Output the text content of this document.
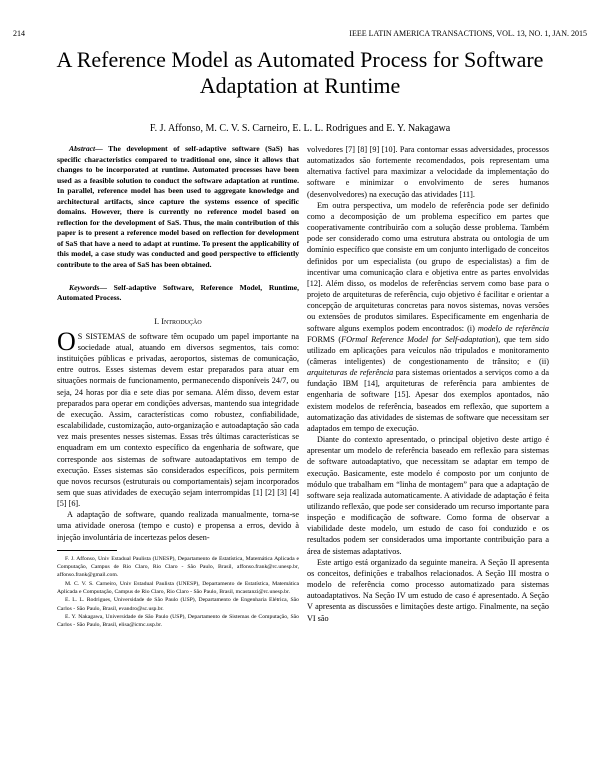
214	IEEE LATIN AMERICA TRANSACTIONS, VOL. 13, NO. 1, JAN. 2015
A Reference Model as Automated Process for Software Adaptation at Runtime
F. J. Affonso, M. C. V. S. Carneiro, E. L. L. Rodrigues and E. Y. Nakagawa

Abstract— The development of self-adaptive software (SaS) has specific characteristics compared to traditional one, since it allows that changes to be incorporated at runtime. Automated processes have been used as a feasible solution to conduct the software adaptation at runtime. In parallel, reference model has been used to aggregate knowledge and architectural artifacts, since capture the systems essence of specific domains. However, there is currently no reference model based on reflection for the development of SaS. Thus, the main contribution of this paper is to present a reference model based on reflection for development of SaS that have a need to adapt at runtime. To present the applicability of this model, a case study was conducted and good perspective to efficiently contribute to the area of SaS has been obtained.

Keywords— Self-adaptive Software, Reference Model, Runtime, Automated Process.

I. Introdução

O S SISTEMAS de software têm ocupado um papel importante na sociedade atual, atuando em diversos segmentos, tais como: instituições públicas e privadas, aeroportos, sistemas de comunicação, entre outros. Esses sistemas devem estar preparados para atuar em situações normais de funcionamento, permanecendo disponíveis 24/7, ou seja, 24 horas por dia e sete dias por semana. Além disso, devem estar preparados para operar em condições adversas, mantendo sua integridade de execução. Assim, características como robustez, confiabilidade, escalabilidade, customização, auto-organização e autoadaptação são cada vez mais presentes nesses sistemas. Essas três últimas características se enquadram em um contexto específico da engenharia de software, que corresponde aos sistemas de software autoadaptativos em tempo de execução. Esses sistemas são considerados específicos, pois permitem que novos recursos (estruturais ou comportamentais) sejam incorporados sem que suas atividades de execução sejam interrompidas [1] [2] [3] [4] [5] [6].

A adaptação de software, quando realizada manualmente, torna-se uma atividade onerosa (tempo e custo) e propensa a erros, devido à injeção involuntária de incertezas pelos desen-

F. J. Affonso, Univ Estadual Paulista (UNESP), Departamento de Estatística, Matemática Aplicada e Computação, Campus de Rio Claro, Rio Claro - São Paulo, Brasil, affonso.frank@rc.unesp.br, affonso.frank@gmail.com.

M. C. V. S. Carneiro, Univ Estadual Paulista (UNESP), Departamento de Estatística, Matemática Aplicada e Computação, Campus de Rio Claro, Rio Claro - São Paulo, Brasil, mcastanzi@rc.unesp.br.

E. L. L. Rodrigues, Universidade de São Paulo (USP), Departamento de Engenharia Elétrica, São Carlos - São Paulo, Brasil, evandro@sc.usp.br.

E. Y. Nakagawa, Universidade de São Paulo (USP), Departamento de Sistemas de Computação, São Carlos - São Paulo, Brasil, elisa@icmc.usp.br.

volvedores [7] [8] [9] [10]. Para contornar essas adversidades, processos automatizados são fortemente recomendados, pois representam uma alternativa factível para maximizar a velocidade da implementação do software e minimizar o envolvimento de seres humanos (desenvolvedores) na execução das atividades [11].

Em outra perspectiva, um modelo de referência pode ser definido como a decomposição de um problema específico em partes que cooperativamente contribuirão com a solução desse problema. Também pode ser considerado como uma estrutura abstrata ou ontologia de um domínio específico que consiste em um conjunto interligado de conceitos definidos por um especialista (ou grupo de especialistas) a fim de incentivar uma comunicação clara e objetiva entre as partes envolvidas [12]. Além disso, os modelos de referências servem como base para o projeto de arquiteturas de referência, cujo objetivo é facilitar e orientar a concepção de arquiteturas concretas para novos sistemas, novas versões ou extensões de produtos similares. Especificamente em engenharia de software alguns exemplos podem encontrados: (i) modelo de referência FORMS (FOrmal Reference Model for Self-adaptation), que tem sido utilizado em aplicações para veículos não tripulados e monitoramento (câmeras inteligentes) de congestionamento de trânsito; e (ii) arquiteturas de referência para sistemas orientados a serviços como a da fundação IBM [14], arquiteturas de referência para ambientes de engenharia de software [15]. Apesar dos exemplos apontados, não existem modelos de referência, baseados em reflexão, que suportem a automatização das atividades de sistemas de software que necessitam ser adaptados em tempo de execução.

Diante do contexto apresentado, o principal objetivo deste artigo é apresentar um modelo de referência baseado em reflexão para sistemas de software autoadaptativo, que necessitam se adaptar em tempo de execução. Basicamente, este modelo é composto por um conjunto de módulo que trabalham em “linha de montagem” para que a adaptação de software seja realizada automaticamente. A atividade de adaptação é feita utilizando reflexão, que pode ser considerado um recurso importante para inspeção e modificação de software. Como forma de observar a viabilidade deste modelo, um estudo de caso foi conduzido e os resultados podem ser considerados uma importante contribuição para a área de sistemas adaptativos.

Este artigo está organizado da seguinte maneira. A Seção II apresenta os conceitos, definições e trabalhos relacionados. A Seção III mostra o modelo de referência como processo automatizado para sistemas autoadaptativos. Na Seção IV um estudo de caso é apresentado. A Seção V apresenta as discussões e limitações deste artigo. Finalmente, na seção VI são
